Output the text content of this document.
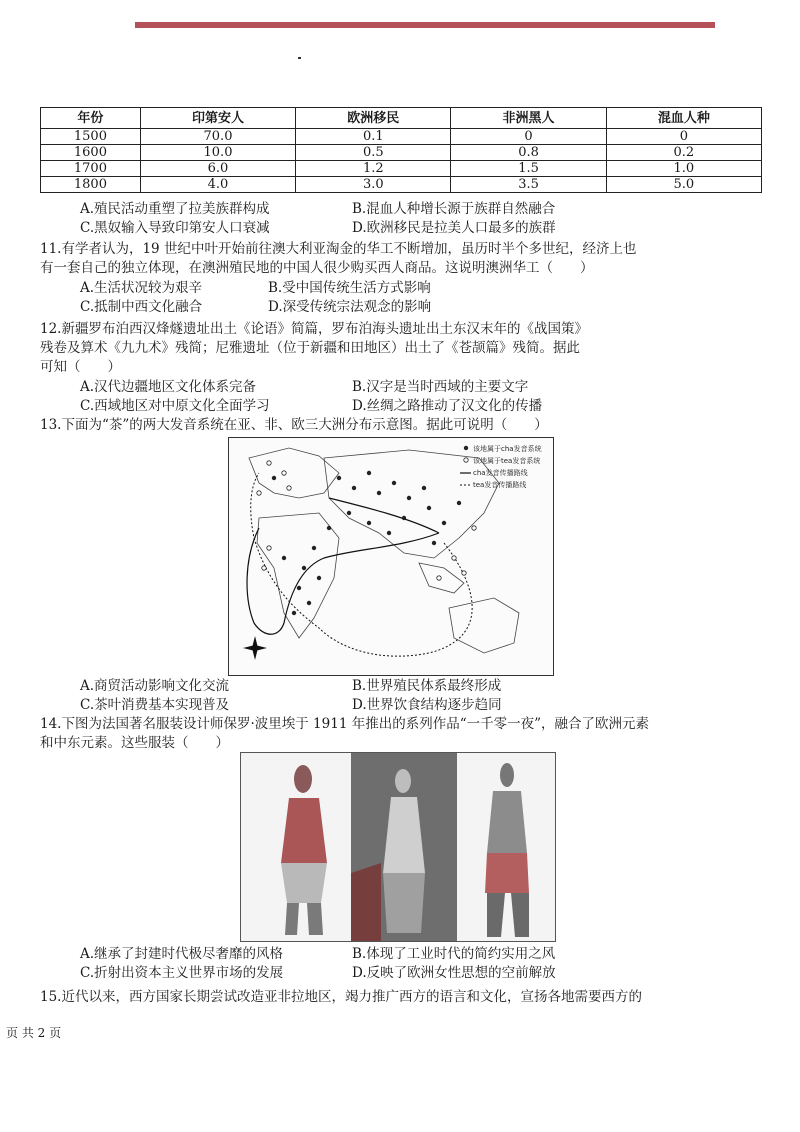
年份	印第安人	欧洲移民	非洲黑人	混血人种
1500	70.0	0.1	0	0
1600	10.0	0.5	0.8	0.2
1700	6.0	1.2	1.5	1.0
1800	4.0	3.0	3.5	5.0
A.殖民活动重塑了拉美族群构成	B.混血人种增长源于族群自然融合
C.黑奴输入导致印第安人口衰减	D.欧洲移民是拉美人口最多的族群
11.有学者认为，19 世纪中叶开始前往澳大利亚淘金的华工不断增加，虽历时半个多世纪，经济上也
有一套自己的独立体现，在澳洲殖民地的中国人很少购买西人商品。这说明澳洲华工（　　）
A.生活状况较为艰辛	B.受中国传统生活方式影响
C.抵制中西文化融合	D.深受传统宗法观念的影响
12.新疆罗布泊西汉烽燧遗址出土《论语》简篇，罗布泊海头遗址出土东汉末年的《战国策》
残卷及算术《九九术》残简；尼雅遗址（位于新疆和田地区）出土了《苍颉篇》残简。据此
可知（　　）
A.汉代边疆地区文化体系完备	B.汉字是当时西域的主要文字
C.西域地区对中原文化全面学习	D.丝绸之路推动了汉文化的传播
13.下面为“茶”的两大发音系统在亚、非、欧三大洲分布示意图。据此可说明（　　）
该地属于cha发音系统
该地属于tea发音系统
cha发音传播路线
tea发音传播路线
A.商贸活动影响文化交流	B.世界殖民体系最终形成
C.茶叶消费基本实现普及	D.世界饮食结构逐步趋同
14.下图为法国著名服装设计师保罗·波里埃于 1911 年推出的系列作品“一千零一夜”，融合了欧洲元素
和中东元素。这些服装（　　）
A.继承了封建时代极尽奢靡的风格	B.体现了工业时代的简约实用之风
C.折射出资本主义世界市场的发展	D.反映了欧洲女性思想的空前解放
15.近代以来，西方国家长期尝试改造亚非拉地区，竭力推广西方的语言和文化，宣扬各地需要西方的
页 共 2 页
